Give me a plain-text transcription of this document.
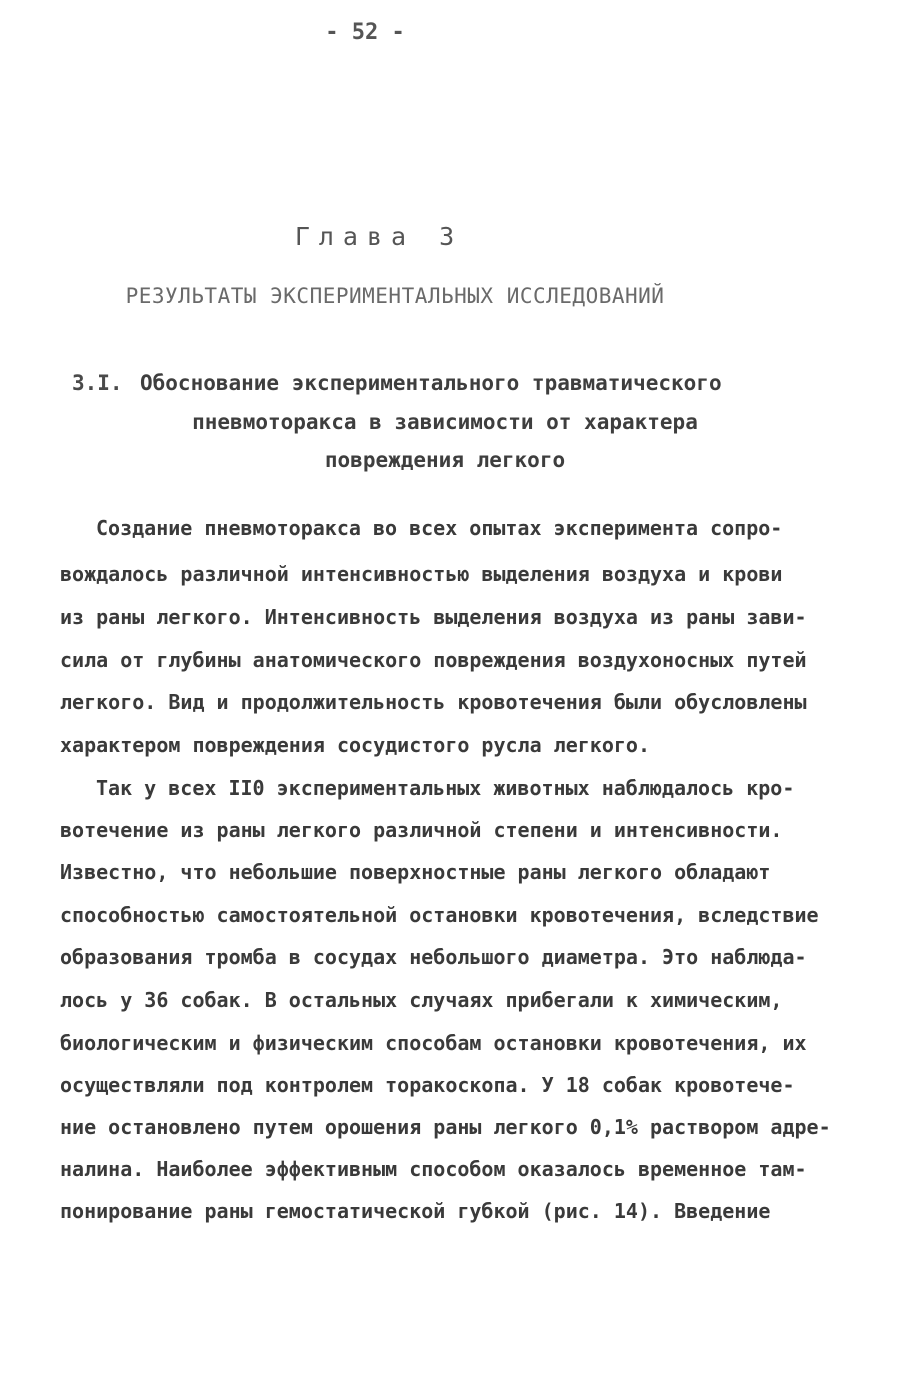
- 52 -
Глава 3
РЕЗУЛЬТАТЫ ЭКСПЕРИМЕНТАЛЬНЫХ ИССЛЕДОВАНИЙ
3.I. Обоснование экспериментального травматического
пневмоторакса в зависимости от характера
повреждения легкого
Создание пневмоторакса во всех опытах эксперимента сопро-
вождалось различной интенсивностью выделения воздуха и крови
из раны легкого. Интенсивность выделения воздуха из раны зави-
сила от глубины анатомического повреждения воздухоносных путей
легкого. Вид и продолжительность кровотечения были обусловлены
характером повреждения сосудистого русла легкого.
Так у всех II0 экспериментальных животных наблюдалось кро-
вотечение из раны легкого различной степени и интенсивности.
Известно, что небольшие поверхностные раны легкого обладают
способностью самостоятельной остановки кровотечения, вследствие
образования тромба в сосудах небольшого диаметра. Это наблюда-
лось у 36 собак. В остальных случаях прибегали к химическим,
биологическим и физическим способам остановки кровотечения, их
осуществляли под контролем торакоскопа. У 18 собак кровотече-
ние остановлено путем орошения раны легкого 0,1% раствором адре-
налина. Наиболее эффективным способом оказалось временное там-
понирование раны гемостатической губкой (рис. 14). Введение
